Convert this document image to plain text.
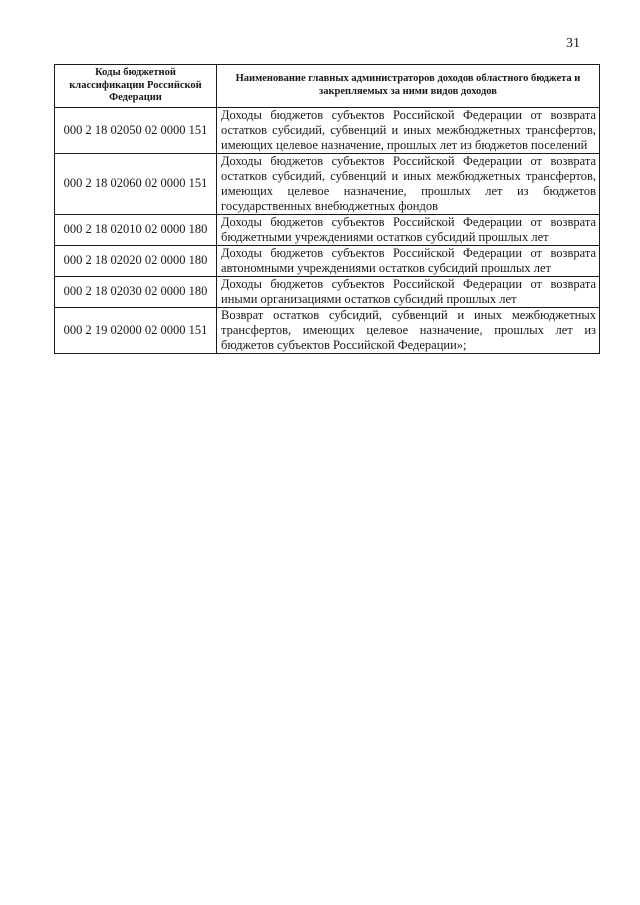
31
Коды бюджетной классификации Российской Федерации	Наименование главных администраторов доходов областного бюджета и закрепляемых за ними видов доходов
000 2 18 02050 02 0000 151	Доходы бюджетов субъектов Российской Федерации от возврата остатков субсидий, субвенций и иных межбюджетных трансфертов, имеющих целевое назначение, прошлых лет из бюджетов поселений
000 2 18 02060 02 0000 151	Доходы бюджетов субъектов Российской Федерации от возврата остатков субсидий, субвенций и иных межбюджетных трансфертов, имеющих целевое назначение, прошлых лет из бюджетов государственных внебюджетных фондов
000 2 18 02010 02 0000 180	Доходы бюджетов субъектов Российской Федерации от возврата бюджетными учреждениями остатков субсидий прошлых лет
000 2 18 02020 02 0000 180	Доходы бюджетов субъектов Российской Федерации от возврата автономными учреждениями остатков субсидий прошлых лет
000 2 18 02030 02 0000 180	Доходы бюджетов субъектов Российской Федерации от возврата иными организациями остатков субсидий прошлых лет
000 2 19 02000 02 0000 151	Возврат остатков субсидий, субвенций и иных межбюджетных трансфертов, имеющих целевое назначение, прошлых лет из бюджетов субъектов Российской Федерации»;
